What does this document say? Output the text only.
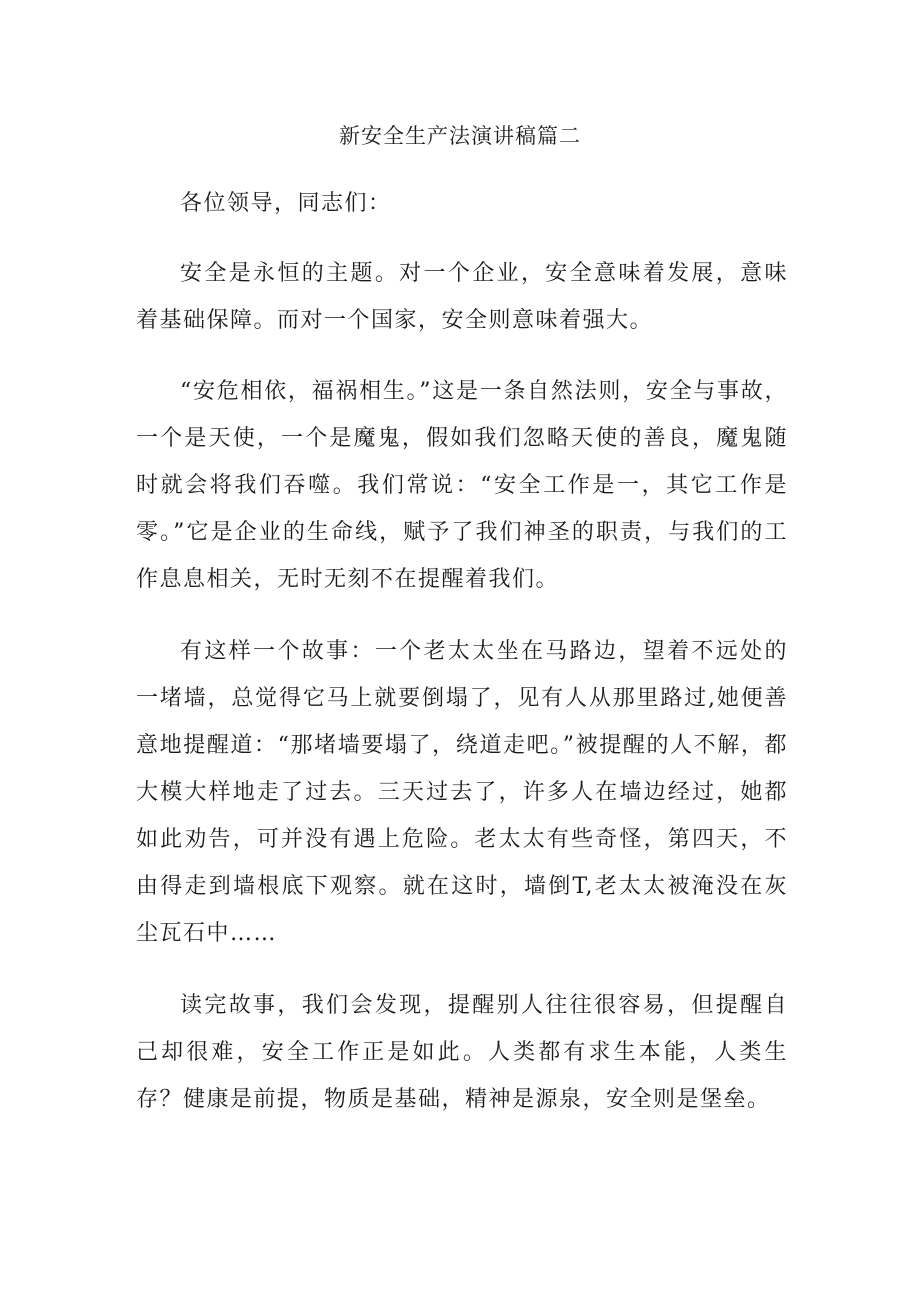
新安全生产法演讲稿篇二

各位领导，同志们：

安全是永恒的主题。对一个企业，安全意味着发展，意味着基础保障。而对一个国家，安全则意味着强大。

“安危相依，福祸相生。”这是一条自然法则，安全与事故，一个是天使，一个是魔鬼，假如我们忽略天使的善良，魔鬼随时就会将我们吞噬。我们常说：“安全工作是一，其它工作是零。”它是企业的生命线，赋予了我们神圣的职责，与我们的工作息息相关，无时无刻不在提醒着我们。

有这样一个故事：一个老太太坐在马路边，望着不远处的一堵墙，总觉得它马上就要倒塌了，见有人从那里路过,她便善意地提醒道：“那堵墙要塌了，绕道走吧。”被提醒的人不解，都大模大样地走了过去。三天过去了，许多人在墙边经过，她都如此劝告，可并没有遇上危险。老太太有些奇怪，第四天，不由得走到墙根底下观察。就在这时，墙倒T,老太太被淹没在灰尘瓦石中……

读完故事，我们会发现，提醒别人往往很容易，但提醒自己却很难，安全工作正是如此。人类都有求生本能，人类生存？健康是前提，物质是基础，精神是源泉，安全则是堡垒。
